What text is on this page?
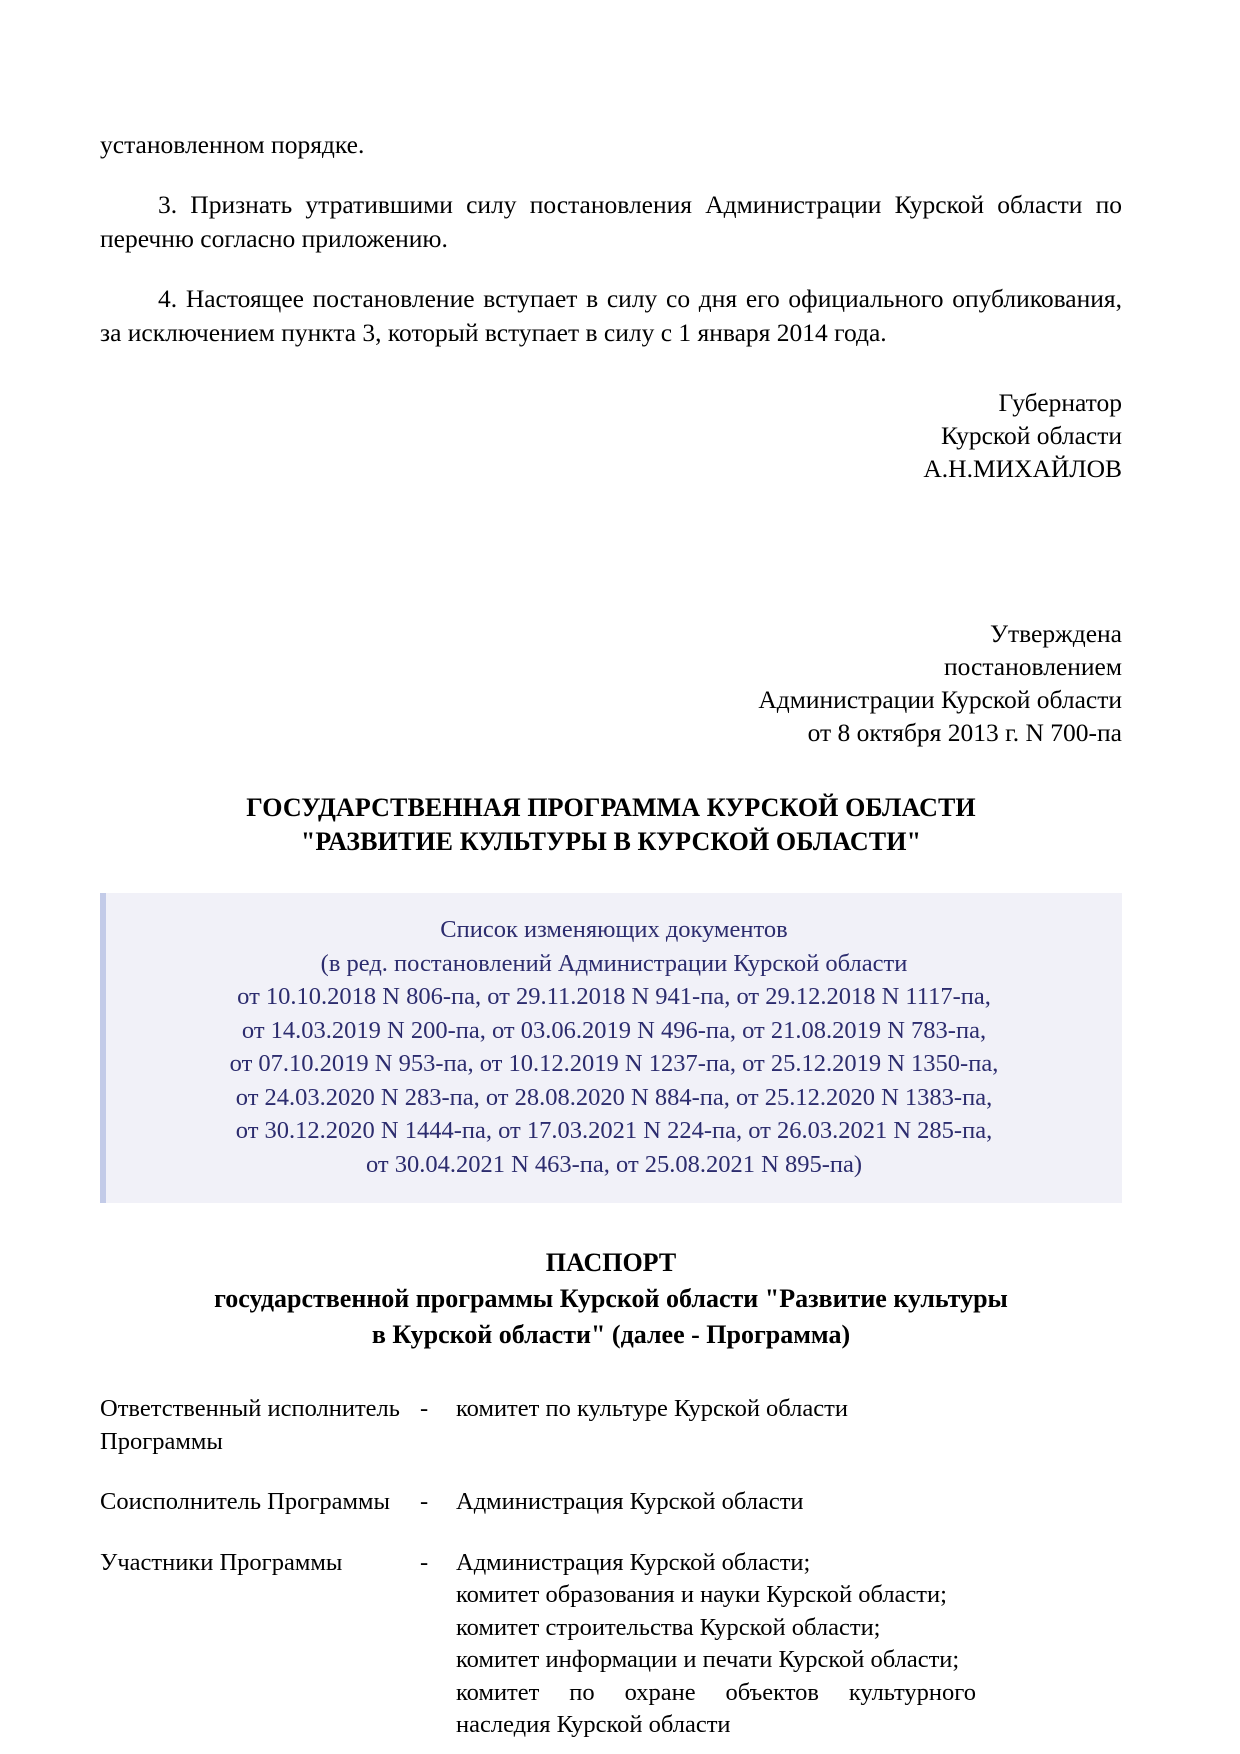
установленном порядке.

3. Признать утратившими силу постановления Администрации Курской области по перечню согласно приложению.

4. Настоящее постановление вступает в силу со дня его официального опубликования, за исключением пункта 3, который вступает в силу с 1 января 2014 года.

Губернатор
Курской области
А.Н.МИХАЙЛОВ
Утверждена
постановлением
Администрации Курской области
от 8 октября 2013 г. N 700-па
ГОСУДАРСТВЕННАЯ ПРОГРАММА КУРСКОЙ ОБЛАСТИ
"РАЗВИТИЕ КУЛЬТУРЫ В КУРСКОЙ ОБЛАСТИ"
Список изменяющих документов
(в ред. постановлений Администрации Курской области
от 10.10.2018 N 806-па, от 29.11.2018 N 941-па, от 29.12.2018 N 1117-па,
от 14.03.2019 N 200-па, от 03.06.2019 N 496-па, от 21.08.2019 N 783-па,
от 07.10.2019 N 953-па, от 10.12.2019 N 1237-па, от 25.12.2019 N 1350-па,
от 24.03.2020 N 283-па, от 28.08.2020 N 884-па, от 25.12.2020 N 1383-па,
от 30.12.2020 N 1444-па, от 17.03.2021 N 224-па, от 26.03.2021 N 285-па,
от 30.04.2021 N 463-па, от 25.08.2021 N 895-па)
ПАСПОРТ
государственной программы Курской области "Развитие культуры
в Курской области" (далее - Программа)
Ответственный исполнитель Программы	-	комитет по культуре Курской области

Соисполнитель Программы	-	Администрация Курской области

Участники Программы	-	Администрация Курской области;
комитет образования и науки Курской области;
комитет строительства Курской области;
комитет информации и печати Курской области;
комитет по охране объектов культурного наследия Курской области
